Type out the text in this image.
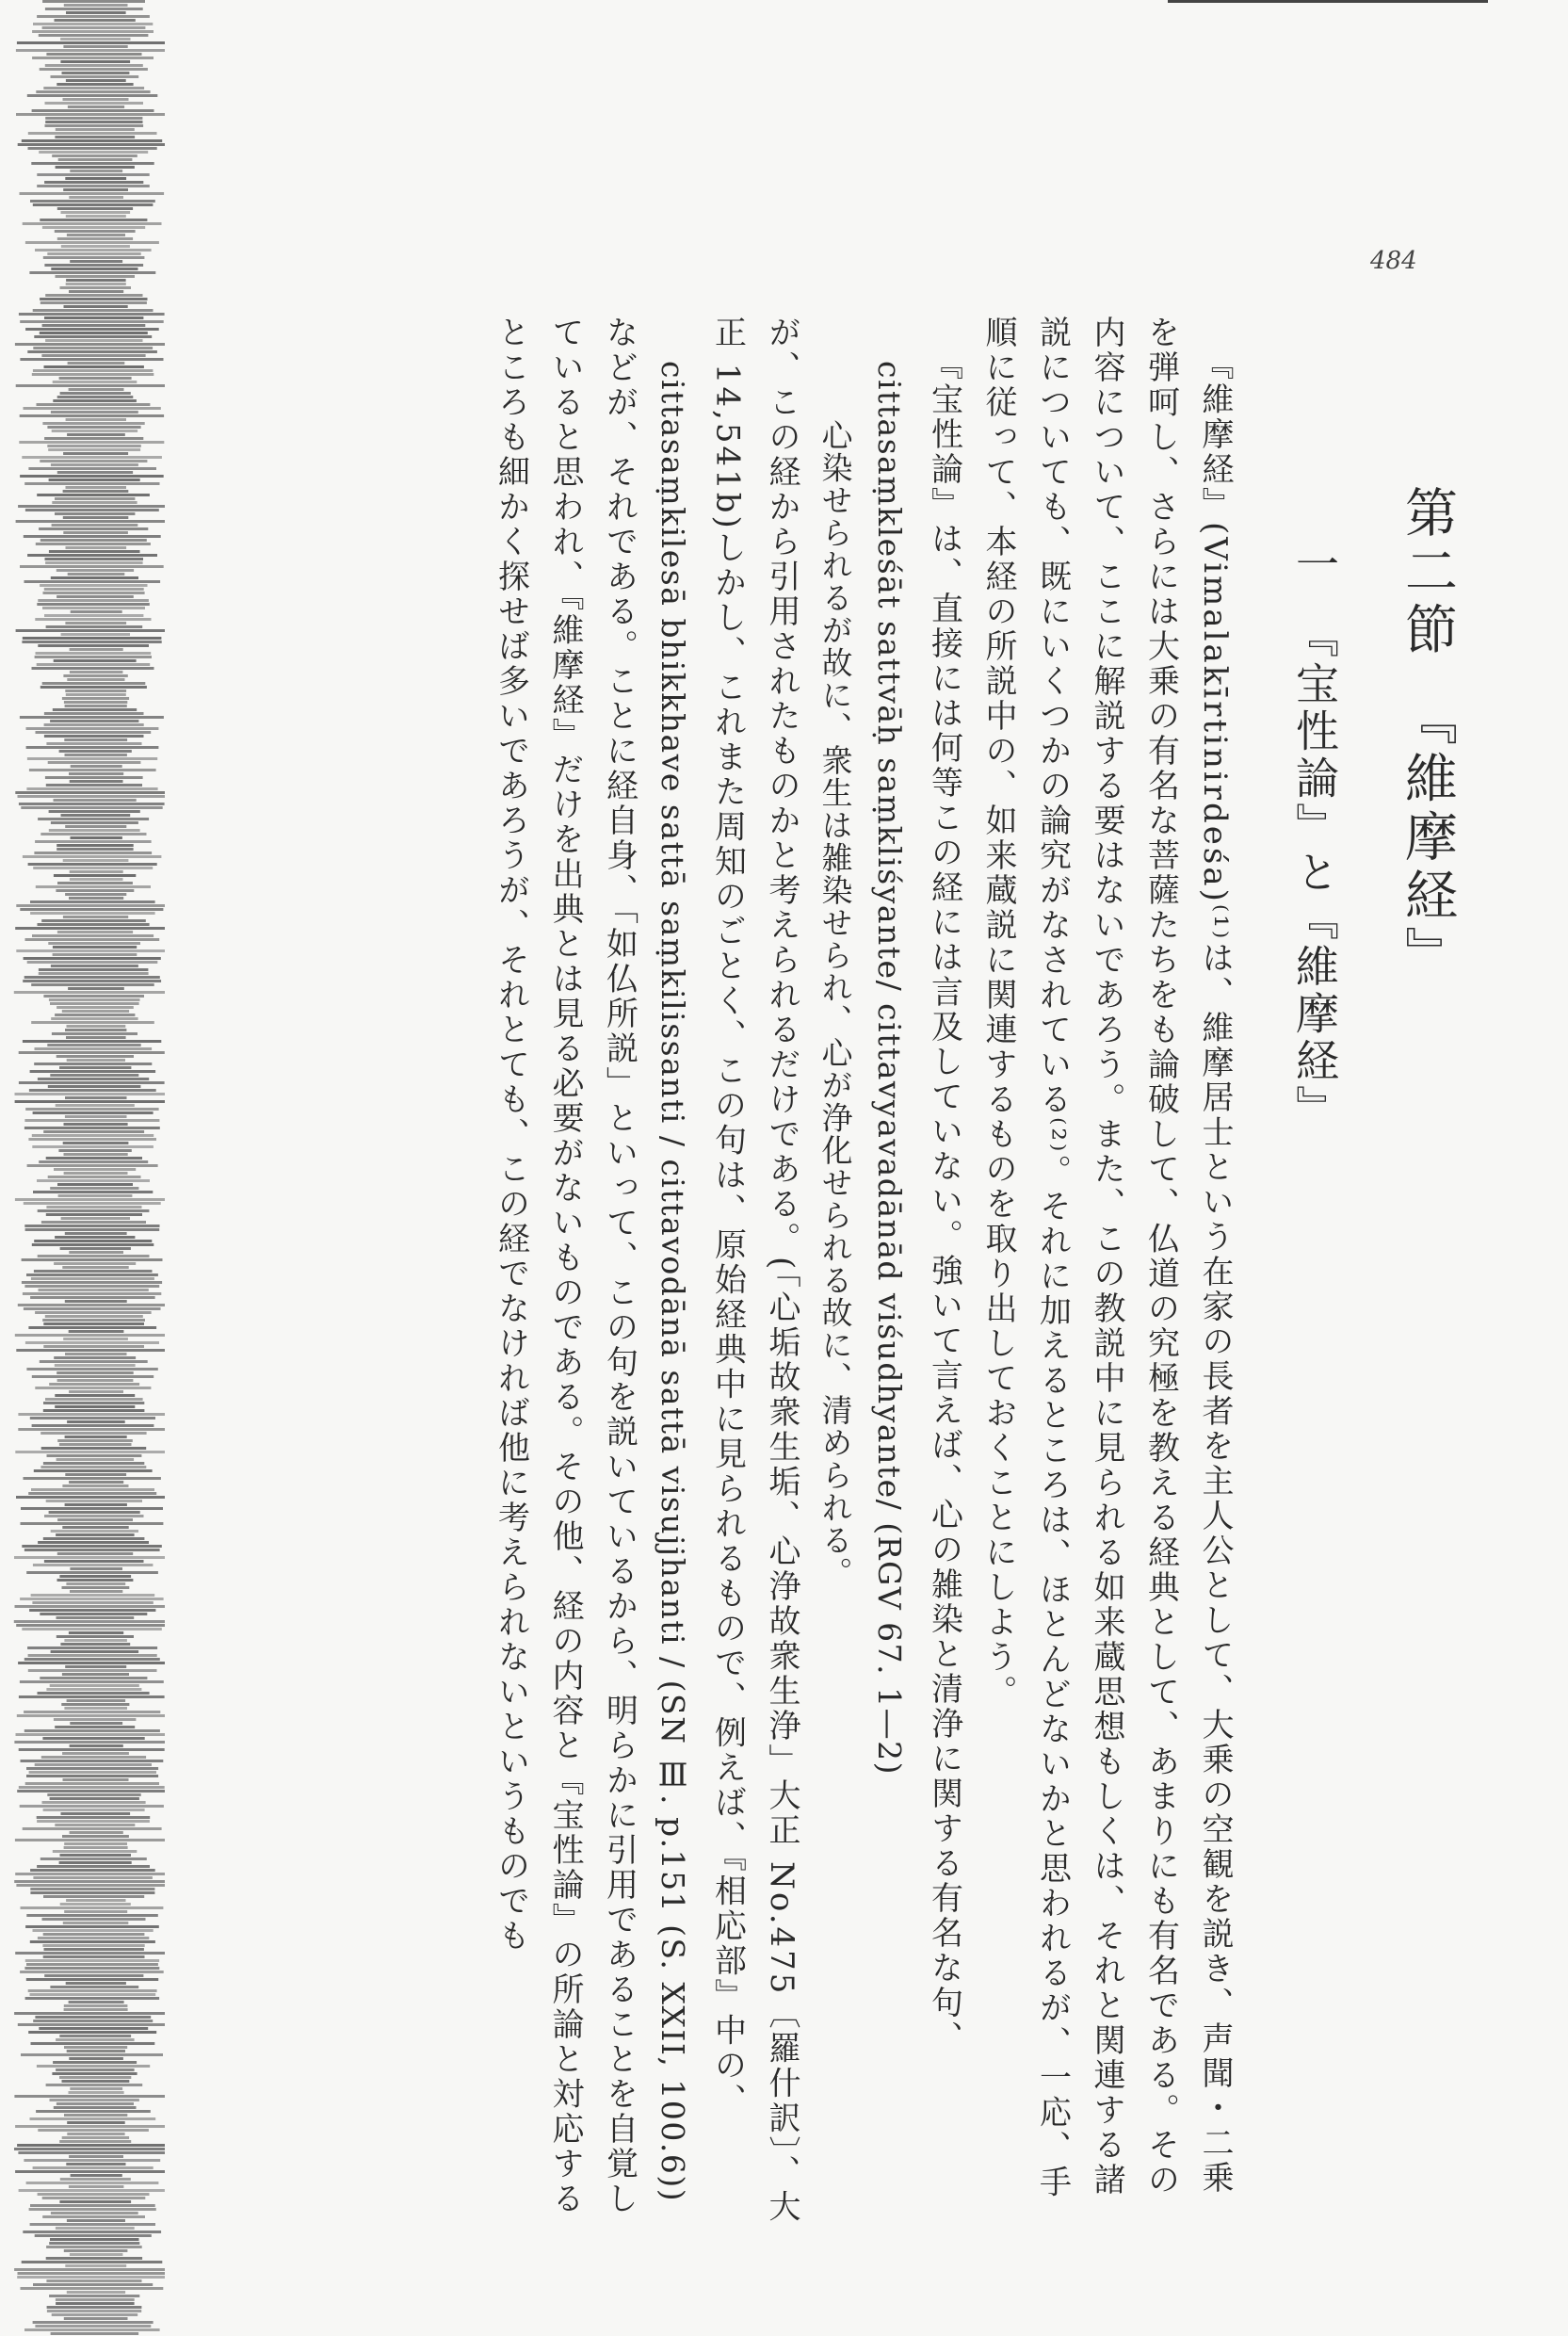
484
第二節　『維摩経』
一　『宝性論』と『維摩経』

『維摩経』(Vimalakīrtinirdeśa)⁽¹⁾は、維摩居士という在家の長者を主人公として、大乗の空観を説き、声聞・二乗を弾呵し、さらには大乗の有名な菩薩たちをも論破して、仏道の究極を教える経典として、あまりにも有名である。その内容について、ここに解説する要はないであろう。また、この教説中に見られる如来蔵思想もしくは、それと関連する諸説についても、既にいくつかの論究がなされている⁽²⁾。それに加えるところは、ほとんどないかと思われるが、一応、手順に従って、本経の所説中の、如来蔵説に関連するものを取り出しておくことにしよう。

『宝性論』は、直接には何等この経には言及していない。強いて言えば、心の雑染と清浄に関する有名な句、

cittasaṃkleśāt sattvāḥ saṃkliśyante/ cittavyavadānād viśudhyante/ (RGV 67. 1—2)

心染せられるが故に、衆生は雑染せられ、心が浄化せられる故に、清められる。

が、この経から引用されたものかと考えられるだけである。(「心垢故衆生垢、心浄故衆生浄」大正 No.475〔羅什訳〕、大正 14,541b)しかし、これまた周知のごとく、この句は、原始経典中に見られるもので、例えば、『相応部』中の、

cittasaṃkilesā bhikkhave sattā saṃkilissanti / cittavodānā sattā visujjhanti / (SN Ⅲ. p.151 (S. XXII, 100.6))

などが、それである。ことに経自身、「如仏所説」といって、この句を説いているから、明らかに引用であることを自覚していると思われ、『維摩経』だけを出典とは見る必要がないものである。その他、経の内容と『宝性論』の所論と対応するところも細かく探せば多いであろうが、それとても、この経でなければ他に考えられないというものでも
